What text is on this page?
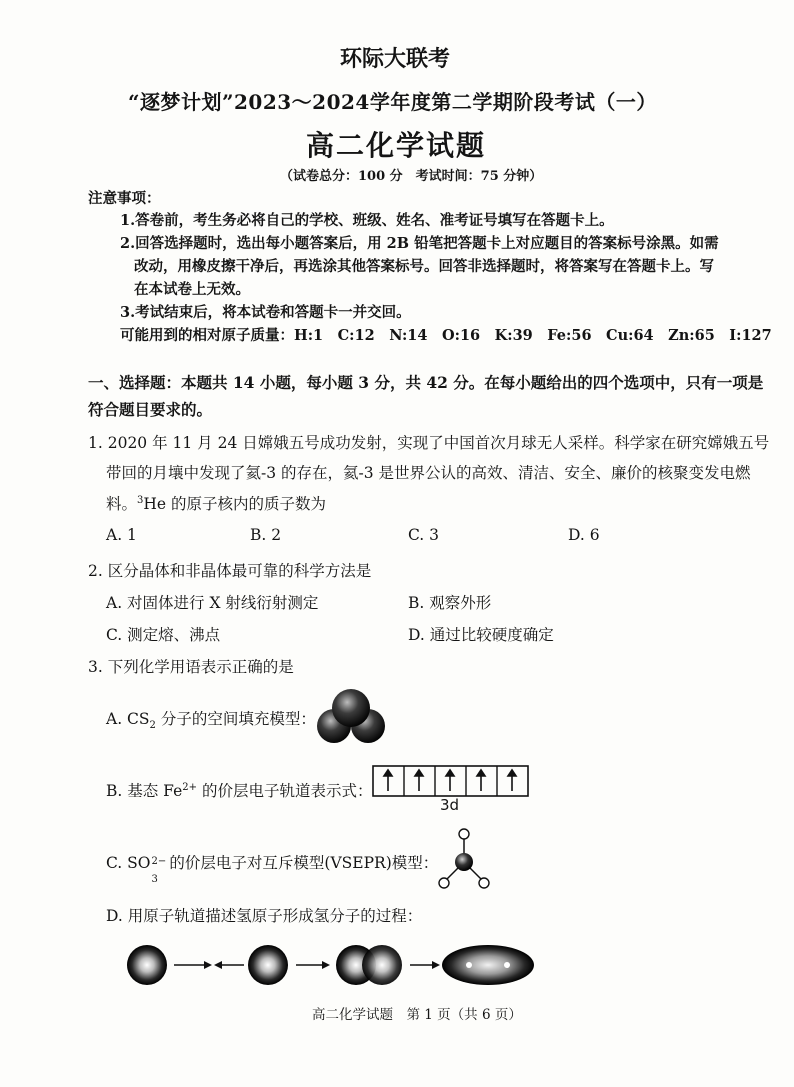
环际大联考
“逐梦计划”2023～2024学年度第二学期阶段考试（一）
高二化学试题
（试卷总分：100 分　考试时间：75 分钟）
注意事项：
1.答卷前，考生务必将自己的学校、班级、姓名、准考证号填写在答题卡上。
2.回答选择题时，选出每小题答案后，用 2B 铅笔把答题卡上对应题目的答案标号涂黑。如需
改动，用橡皮擦干净后，再选涂其他答案标号。回答非选择题时，将答案写在答题卡上。写
在本试卷上无效。
3.考试结束后，将本试卷和答题卡一并交回。
可能用到的相对原子质量：H:1　C:12　N:14　O:16　K:39　Fe:56　Cu:64　Zn:65　I:127
一、选择题：本题共 14 小题，每小题 3 分，共 42 分。在每小题给出的四个选项中，只有一项是
符合题目要求的。
1. 2020 年 11 月 24 日嫦娥五号成功发射，实现了中国首次月球无人采样。科学家在研究嫦娥五号
带回的月壤中发现了氦-3 的存在，氦-3 是世界公认的高效、清洁、安全、廉价的核聚变发电燃
料。$^3$He 的原子核内的质子数为
A. 1	B. 2	C. 3	D. 6
2. 区分晶体和非晶体最可靠的科学方法是
A. 对固体进行 X 射线衍射测定	B. 观察外形
C. 测定熔、沸点	D. 通过比较硬度确定
3. 下列化学用语表示正确的是
A. $CS_2$ 分子的空间填充模型：
B. 基态 $Fe^{2+}$ 的价层电子轨道表示式：
3d
C. SO 2−
3
的价层电子对互斥模型(VSEPR)模型：
D. 用原子轨道描述氢原子形成氢分子的过程：
高二化学试题　第 1 页（共 6 页）
